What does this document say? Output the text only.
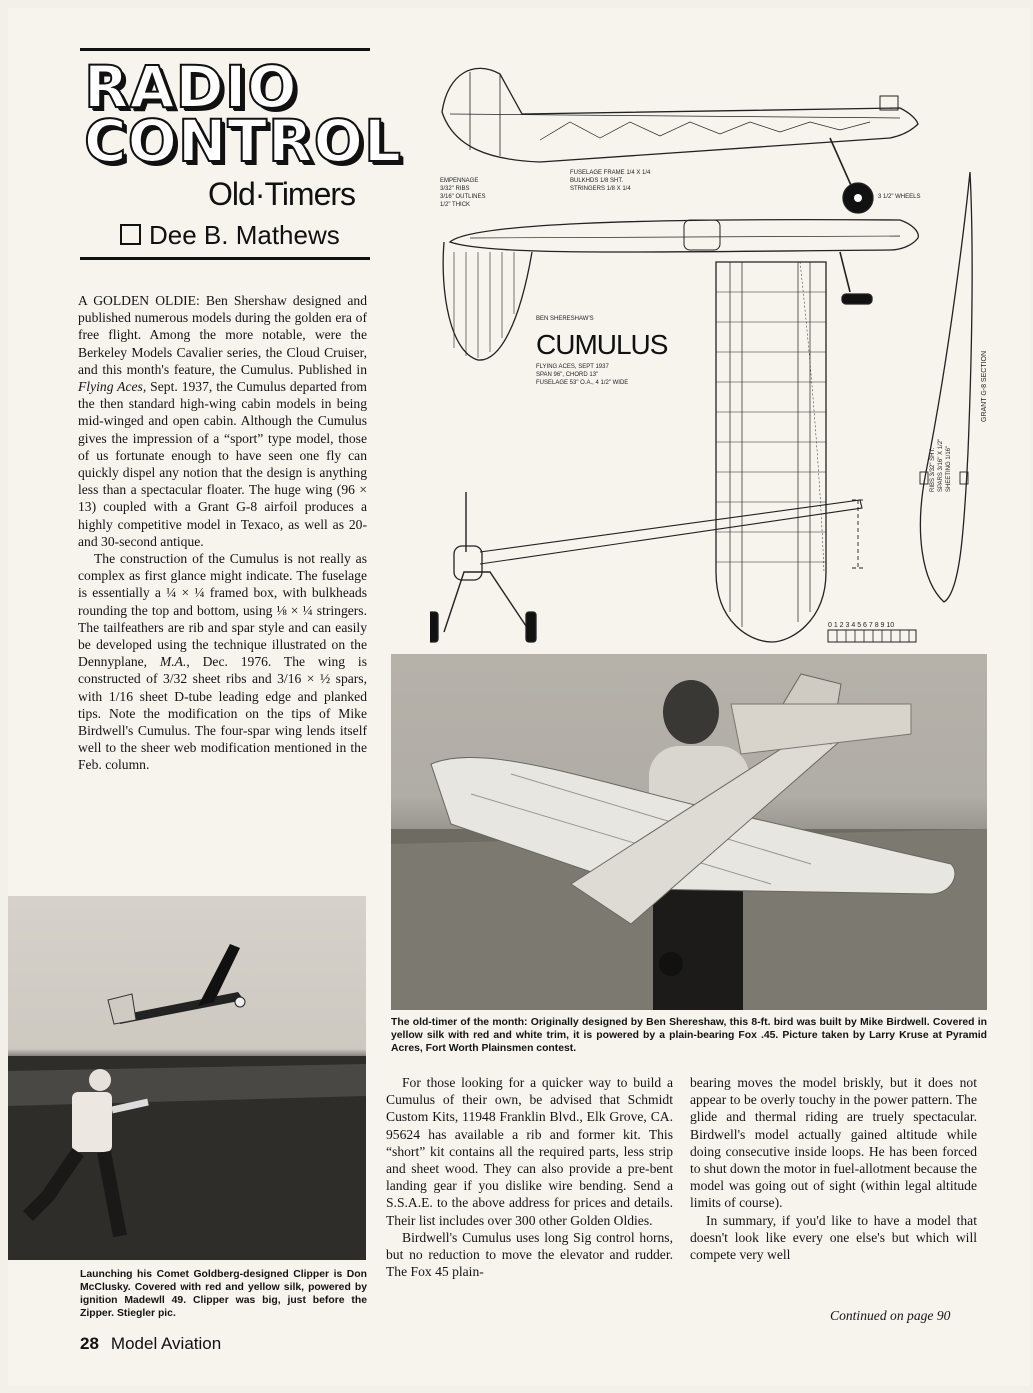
RADIO
CONTROL
Old·Timers
Dee B. Mathews

A GOLDEN OLDIE: Ben Shershaw designed and published numerous models during the golden era of free flight. Among the more notable, were the Berkeley Models Cavalier series, the Cloud Cruiser, and this month's feature, the Cumulus. Published in Flying Aces, Sept. 1937, the Cumulus departed from the then standard high-wing cabin models in being mid-winged and open cabin. Although the Cumulus gives the impression of a “sport” type model, those of us fortunate enough to have seen one fly can quickly dispel any notion that the design is anything less than a spectacular floater. The huge wing (96 × 13) coupled with a Grant G-8 airfoil produces a highly competitive model in Texaco, as well as 20-and 30-second antique.

The construction of the Cumulus is not really as complex as first glance might indicate. The fuselage is essentially a ¼ × ¼ framed box, with bulkheads rounding the top and bottom, using ⅛ × ¼ stringers. The tailfeathers are rib and spar style and can easily be developed using the technique illustrated on the Dennyplane, M.A., Dec. 1976. The wing is constructed of 3/32 sheet ribs and 3/16 × ½ spars, with 1/16 sheet D-tube leading edge and planked tips. Note the modification on the tips of Mike Birdwell's Cumulus. The four-spar wing lends itself well to the sheer web modification mentioned in the Feb. column.

EMPENNAGE
3/32" RIBS
3/16" OUTLINES
1/2" THICK
FUSELAGE FRAME 1/4 X 1/4
BULKHDS 1/8 SHT.
STRINGERS 1/8 X 1/4
3 1/2" WHEELS
BEN SHERESHAW'S
FLYING ACES, SEPT 1937
SPAN 96", CHORD 13"
FUSELAGE 53" O.A., 4 1/2" WIDE
0 1 2 3 4 5 6 7 8 9 10
GRANT G-8 SECTION
RIBS 3/32" SHT. SPARS 3/16" X 1/2" SHEETING 1/16"
CUMULUS
The old-timer of the month: Originally designed by Ben Shereshaw, this 8-ft. bird was built by Mike Birdwell. Covered in yellow silk with red and white trim, it is powered by a plain-bearing Fox .45. Picture taken by Larry Kruse at Pyramid Acres, Fort Worth Plainsmen contest.
Launching his Comet Goldberg-designed Clipper is Don McClusky. Covered with red and yellow silk, powered by ignition Madewll 49. Clipper was big, just before the Zipper. Stiegler pic.

For those looking for a quicker way to build a Cumulus of their own, be advised that Schmidt Custom Kits, 11948 Franklin Blvd., Elk Grove, CA. 95624 has available a rib and former kit. This “short” kit contains all the required parts, less strip and sheet wood. They can also provide a pre-bent landing gear if you dislike wire bending. Send a S.S.A.E. to the above address for prices and details. Their list includes over 300 other Golden Oldies.

Birdwell's Cumulus uses long Sig control horns, but no reduction to move the elevator and rudder. The Fox 45 plain-

bearing moves the model briskly, but it does not appear to be overly touchy in the power pattern. The glide and thermal riding are truely spectacular. Birdwell's model actually gained altitude while doing consecutive inside loops. He has been forced to shut down the motor in fuel-allotment because the model was going out of sight (within legal altitude limits of course).

In summary, if you'd like to have a model that doesn't look like every one else's but which will compete very well

Continued on page 90
28 Model Aviation
